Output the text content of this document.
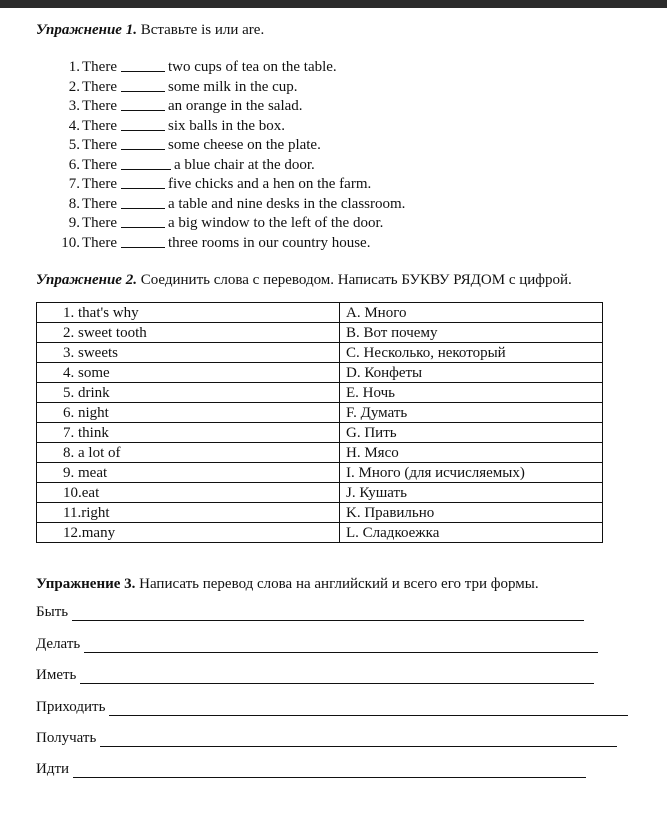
Упражнение 1. Вставьте is или are.
1. There	two cups of tea on the table.
2. There	some milk in the cup.
3. There	an orange in the salad.
4. There	six balls in the box.
5. There	some cheese on the plate.
6. There	a blue chair at the door.
7. There	five chicks and a hen on the farm.
8. There	a table and nine desks in the classroom.
9. There	a big window to the left of the door.
10. There	three rooms in our country house.
Упражнение 2. Соединить слова с переводом. Написать БУКВУ РЯДОМ с цифрой.
1. that's why	A. Много
2. sweet tooth	B. Вот почему
3. sweets	C. Несколько, некоторый
4. some	D. Конфеты
5. drink	E. Ночь
6. night	F. Думать
7. think	G. Пить
8. a lot of	H. Мясо
9. meat	I. Много (для исчисляемых)
10.eat	J. Кушать
11.right	K. Правильно
12.many	L. Сладкоежка
Упражнение 3. Написать перевод слова на английский и всего его три формы.
Быть
Делать
Иметь
Приходить
Получать
Идти
